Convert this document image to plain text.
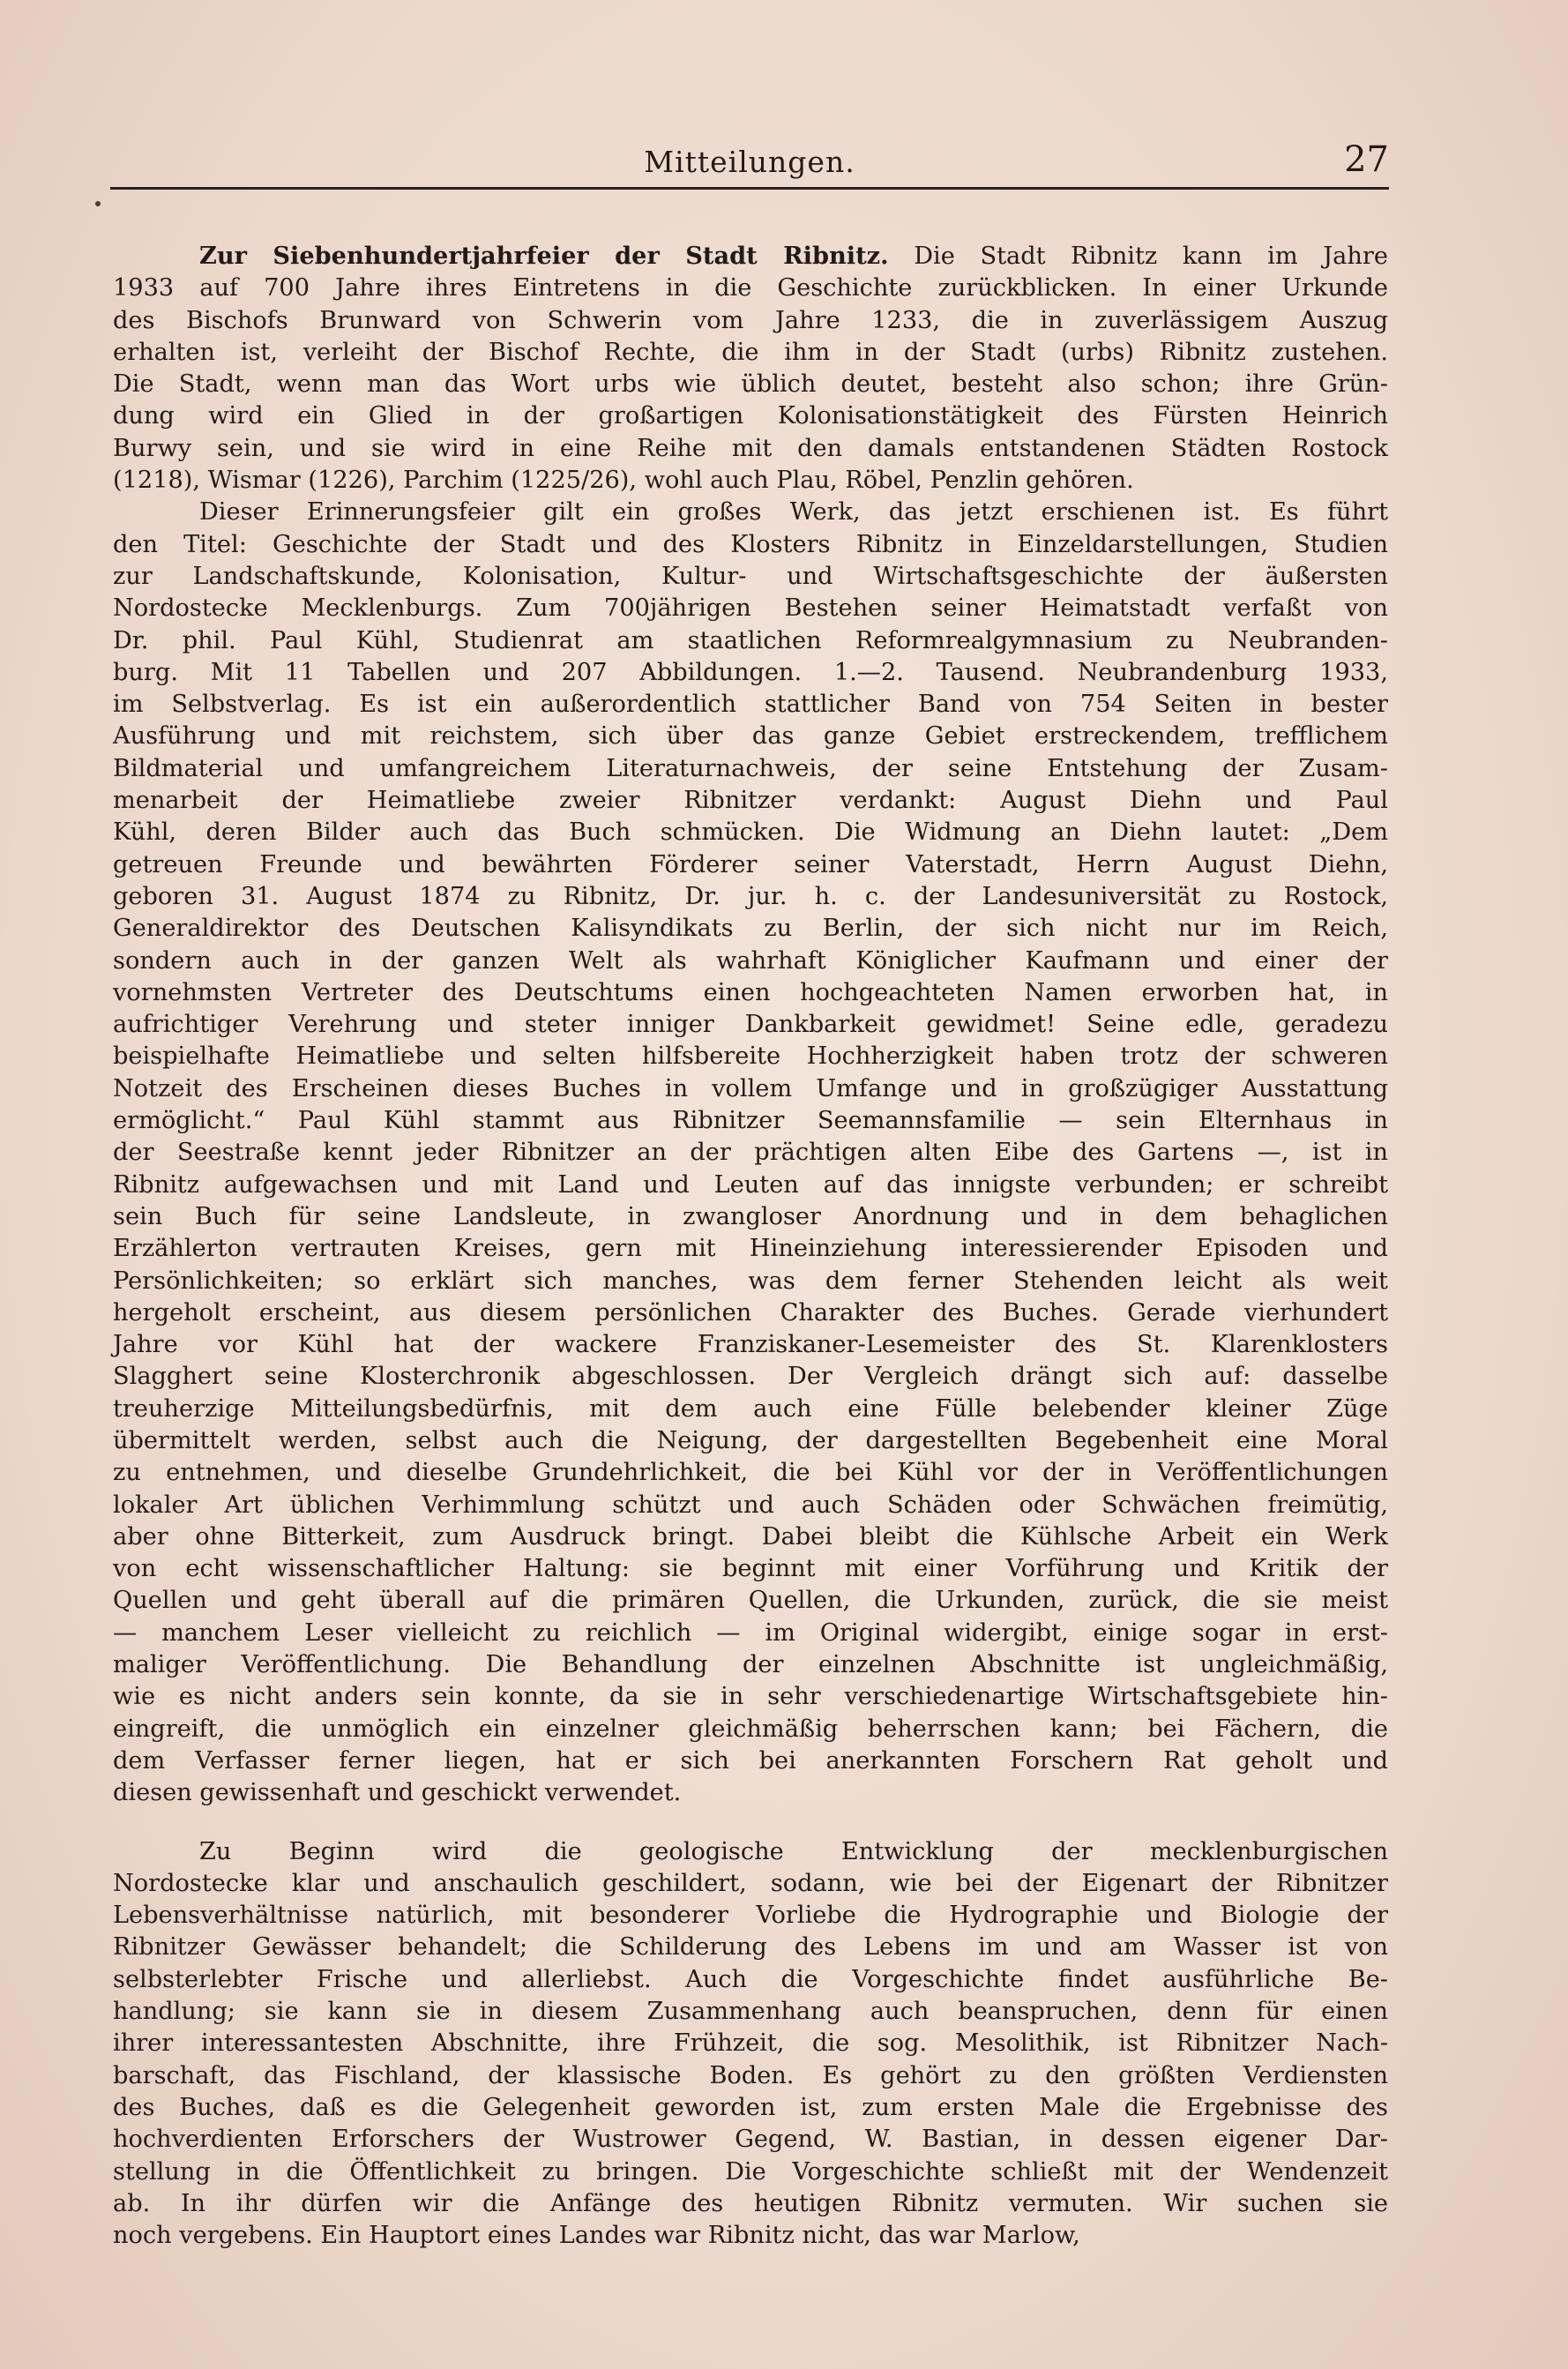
Mitteilungen.	27

Zur Siebenhundertjahrfeier der Stadt Ribnitz. Die Stadt Ribnitz kann im Jahre
1933 auf 700 Jahre ihres Eintretens in die Geschichte zurückblicken. In einer Urkunde
des Bischofs Brunward von Schwerin vom Jahre 1233, die in zuverlässigem Auszug
erhalten ist, verleiht der Bischof Rechte, die ihm in der Stadt (urbs) Ribnitz zustehen.
Die Stadt, wenn man das Wort urbs wie üblich deutet, besteht also schon; ihre Grün-
dung wird ein Glied in der großartigen Kolonisationstätigkeit des Fürsten Heinrich
Burwy sein, und sie wird in eine Reihe mit den damals entstandenen Städten Rostock
(1218), Wismar (1226), Parchim (1225/26), wohl auch Plau, Röbel, Penzlin gehören.

Dieser Erinnerungsfeier gilt ein großes Werk, das jetzt erschienen ist. Es führt
den Titel: Geschichte der Stadt und des Klosters Ribnitz in Einzeldarstellungen, Studien
zur Landschaftskunde, Kolonisation, Kultur- und Wirtschaftsgeschichte der äußersten
Nordostecke Mecklenburgs. Zum 700jährigen Bestehen seiner Heimatstadt verfaßt von
Dr. phil. Paul Kühl, Studienrat am staatlichen Reformrealgymnasium zu Neubranden-
burg. Mit 11 Tabellen und 207 Abbildungen. 1.—2. Tausend. Neubrandenburg 1933,
im Selbstverlag. Es ist ein außerordentlich stattlicher Band von 754 Seiten in bester
Ausführung und mit reichstem, sich über das ganze Gebiet erstreckendem, trefflichem
Bildmaterial und umfangreichem Literaturnachweis, der seine Entstehung der Zusam-
menarbeit der Heimatliebe zweier Ribnitzer verdankt: August Diehn und Paul
Kühl, deren Bilder auch das Buch schmücken. Die Widmung an Diehn lautet: „Dem
getreuen Freunde und bewährten Förderer seiner Vaterstadt, Herrn August Diehn,
geboren 31. August 1874 zu Ribnitz, Dr. jur. h. c. der Landesuniversität zu Rostock,
Generaldirektor des Deutschen Kalisyndikats zu Berlin, der sich nicht nur im Reich,
sondern auch in der ganzen Welt als wahrhaft Königlicher Kaufmann und einer der
vornehmsten Vertreter des Deutschtums einen hochgeachteten Namen erworben hat, in
aufrichtiger Verehrung und steter inniger Dankbarkeit gewidmet! Seine edle, geradezu
beispielhafte Heimatliebe und selten hilfsbereite Hochherzigkeit haben trotz der schweren
Notzeit des Erscheinen dieses Buches in vollem Umfange und in großzügiger Ausstattung
ermöglicht.“ Paul Kühl stammt aus Ribnitzer Seemannsfamilie — sein Elternhaus in
der Seestraße kennt jeder Ribnitzer an der prächtigen alten Eibe des Gartens —, ist in
Ribnitz aufgewachsen und mit Land und Leuten auf das innigste verbunden; er schreibt
sein Buch für seine Landsleute, in zwangloser Anordnung und in dem behaglichen
Erzählerton vertrauten Kreises, gern mit Hineinziehung interessierender Episoden und
Persönlichkeiten; so erklärt sich manches, was dem ferner Stehenden leicht als weit
hergeholt erscheint, aus diesem persönlichen Charakter des Buches. Gerade vierhundert
Jahre vor Kühl hat der wackere Franziskaner-Lesemeister des St. Klarenklosters
Slagghert seine Klosterchronik abgeschlossen. Der Vergleich drängt sich auf: dasselbe
treuherzige Mitteilungsbedürfnis, mit dem auch eine Fülle belebender kleiner Züge
übermittelt werden, selbst auch die Neigung, der dargestellten Begebenheit eine Moral
zu entnehmen, und dieselbe Grundehrlichkeit, die bei Kühl vor der in Veröffentlichungen
lokaler Art üblichen Verhimmlung schützt und auch Schäden oder Schwächen freimütig,
aber ohne Bitterkeit, zum Ausdruck bringt. Dabei bleibt die Kühlsche Arbeit ein Werk
von echt wissenschaftlicher Haltung: sie beginnt mit einer Vorführung und Kritik der
Quellen und geht überall auf die primären Quellen, die Urkunden, zurück, die sie meist
— manchem Leser vielleicht zu reichlich — im Original widergibt, einige sogar in erst-
maliger Veröffentlichung. Die Behandlung der einzelnen Abschnitte ist ungleichmäßig,
wie es nicht anders sein konnte, da sie in sehr verschiedenartige Wirtschaftsgebiete hin-
eingreift, die unmöglich ein einzelner gleichmäßig beherrschen kann; bei Fächern, die
dem Verfasser ferner liegen, hat er sich bei anerkannten Forschern Rat geholt und
diesen gewissenhaft und geschickt verwendet.

Zu Beginn wird die geologische Entwicklung der mecklenburgischen
Nordostecke klar und anschaulich geschildert, sodann, wie bei der Eigenart der Ribnitzer
Lebensverhältnisse natürlich, mit besonderer Vorliebe die Hydrographie und Biologie der
Ribnitzer Gewässer behandelt; die Schilderung des Lebens im und am Wasser ist von
selbsterlebter Frische und allerliebst. Auch die Vorgeschichte findet ausführliche Be-
handlung; sie kann sie in diesem Zusammenhang auch beanspruchen, denn für einen
ihrer interessantesten Abschnitte, ihre Frühzeit, die sog. Mesolithik, ist Ribnitzer Nach-
barschaft, das Fischland, der klassische Boden. Es gehört zu den größten Verdiensten
des Buches, daß es die Gelegenheit geworden ist, zum ersten Male die Ergebnisse des
hochverdienten Erforschers der Wustrower Gegend, W. Bastian, in dessen eigener Dar-
stellung in die Öffentlichkeit zu bringen. Die Vorgeschichte schließt mit der Wendenzeit
ab. In ihr dürfen wir die Anfänge des heutigen Ribnitz vermuten. Wir suchen sie
noch vergebens. Ein Hauptort eines Landes war Ribnitz nicht, das war Marlow,
